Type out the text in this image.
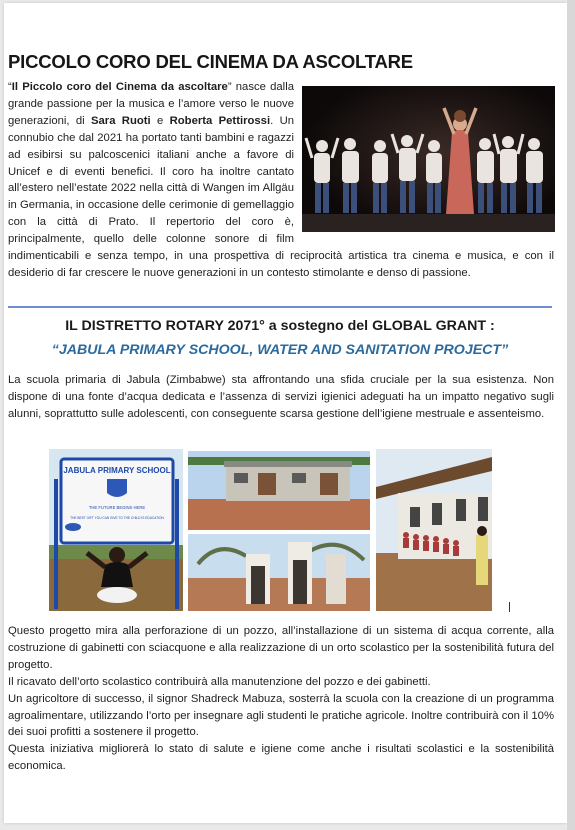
PICCOLO CORO DEL CINEMA DA ASCOLTARE
“Il Piccolo coro del Cinema da ascoltare” nasce dalla grande passione per la musica e l’amore verso le nuove generazioni, di Sara Ruoti e Roberta Pettirossi. Un connubio che dal 2021 ha portato tanti bambini e ragazzi ad esibirsi su palcoscenici italiani anche a favore di Unicef e di eventi benefici. Il coro ha inoltre cantato all’estero nell’estate 2022 nella città di Wangen im Allgäu in Germania, in occasione delle cerimonie di gemellaggio con la città di Prato. Il repertorio del coro è, principalmente, quello delle colonne sonore di film indimenticabili e senza tempo, in una prospettiva di reciprocità artistica tra cinema e musica, e con il desiderio di far crescere le nuove generazioni in un contesto stimolante e denso di passione.
IL DISTRETTO ROTARY 2071° a sostegno del GLOBAL GRANT :
“JABULA PRIMARY SCHOOL, WATER AND SANITATION PROJECT”
La scuola primaria di Jabula (Zimbabwe) sta affrontando una sfida cruciale per la sua esistenza. Non dispone di una fonte d’acqua dedicata e l’assenza di servizi igienici adeguati ha un impatto negativo sugli alunni, soprattutto sulle adolescenti, con conseguente scarsa gestione dell’igiene mestruale e assenteismo.
JABULA PRIMARY SCHOOL
THE FUTURE BEGINS HERE
THE BEST GIFT YOU CAN GIVE TO THE CHILD IS EDUCATION
Questo progetto mira alla perforazione di un pozzo, all’installazione di un sistema di acqua corrente, alla costruzione di gabinetti con sciacquone e alla realizzazione di un orto scolastico per la sostenibilità futura del progetto.
Il ricavato dell’orto scolastico contribuirà alla manutenzione del pozzo e dei gabinetti.
Un agricoltore di successo, il signor Shadreck Mabuza, sosterrà la scuola con la creazione di un programma agroalimentare, utilizzando l’orto per insegnare agli studenti le pratiche agricole. Inoltre contribuirà con il 10% dei suoi profitti a sostenere il progetto.
Questa iniziativa migliorerà lo stato di salute e igiene come anche i risultati scolastici e la sostenibilità economica.
